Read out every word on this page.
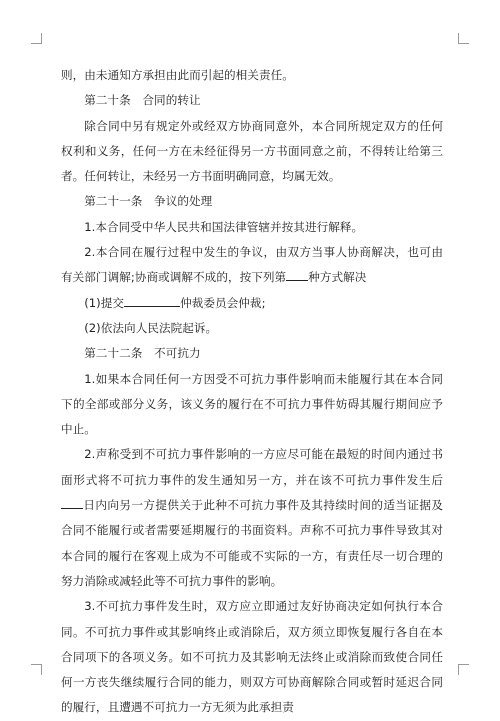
则，由未通知方承担由此而引起的相关责任。

第二十条　合同的转让

除合同中另有规定外或经双方协商同意外，本合同所规定双方的任何权利和义务，任何一方在未经征得另一方书面同意之前，不得转让给第三者。任何转让，未经另一方书面明确同意，均属无效。

第二十一条　争议的处理

1.本合同受中华人民共和国法律管辖并按其进行解释。

2.本合同在履行过程中发生的争议，由双方当事人协商解决，也可由有关部门调解;协商或调解不成的，按下列第 种方式解决

(1)提交	仲裁委员会仲裁;

(2)依法向人民法院起诉。

第二十二条　不可抗力

1.如果本合同任何一方因受不可抗力事件影响而未能履行其在本合同下的全部或部分义务，该义务的履行在不可抗力事件妨碍其履行期间应予中止。

2.声称受到不可抗力事件影响的一方应尽可能在最短的时间内通过书面形式将不可抗力事件的发生通知另一方，并在该不可抗力事件发生后日内向另一方提供关于此种不可抗力事件及其持续时间的适当证据及合同不能履行或者需要延期履行的书面资料。声称不可抗力事件导致其对本合同的履行在客观上成为不可能或不实际的一方，有责任尽一切合理的努力消除或减轻此等不可抗力事件的影响。

3.不可抗力事件发生时，双方应立即通过友好协商决定如何执行本合同。不可抗力事件或其影响终止或消除后，双方须立即恢复履行各自在本合同项下的各项义务。如不可抗力及其影响无法终止或消除而致使合同任何一方丧失继续履行合同的能力，则双方可协商解除合同或暂时延迟合同的履行，且遭遇不可抗力一方无须为此承担责
